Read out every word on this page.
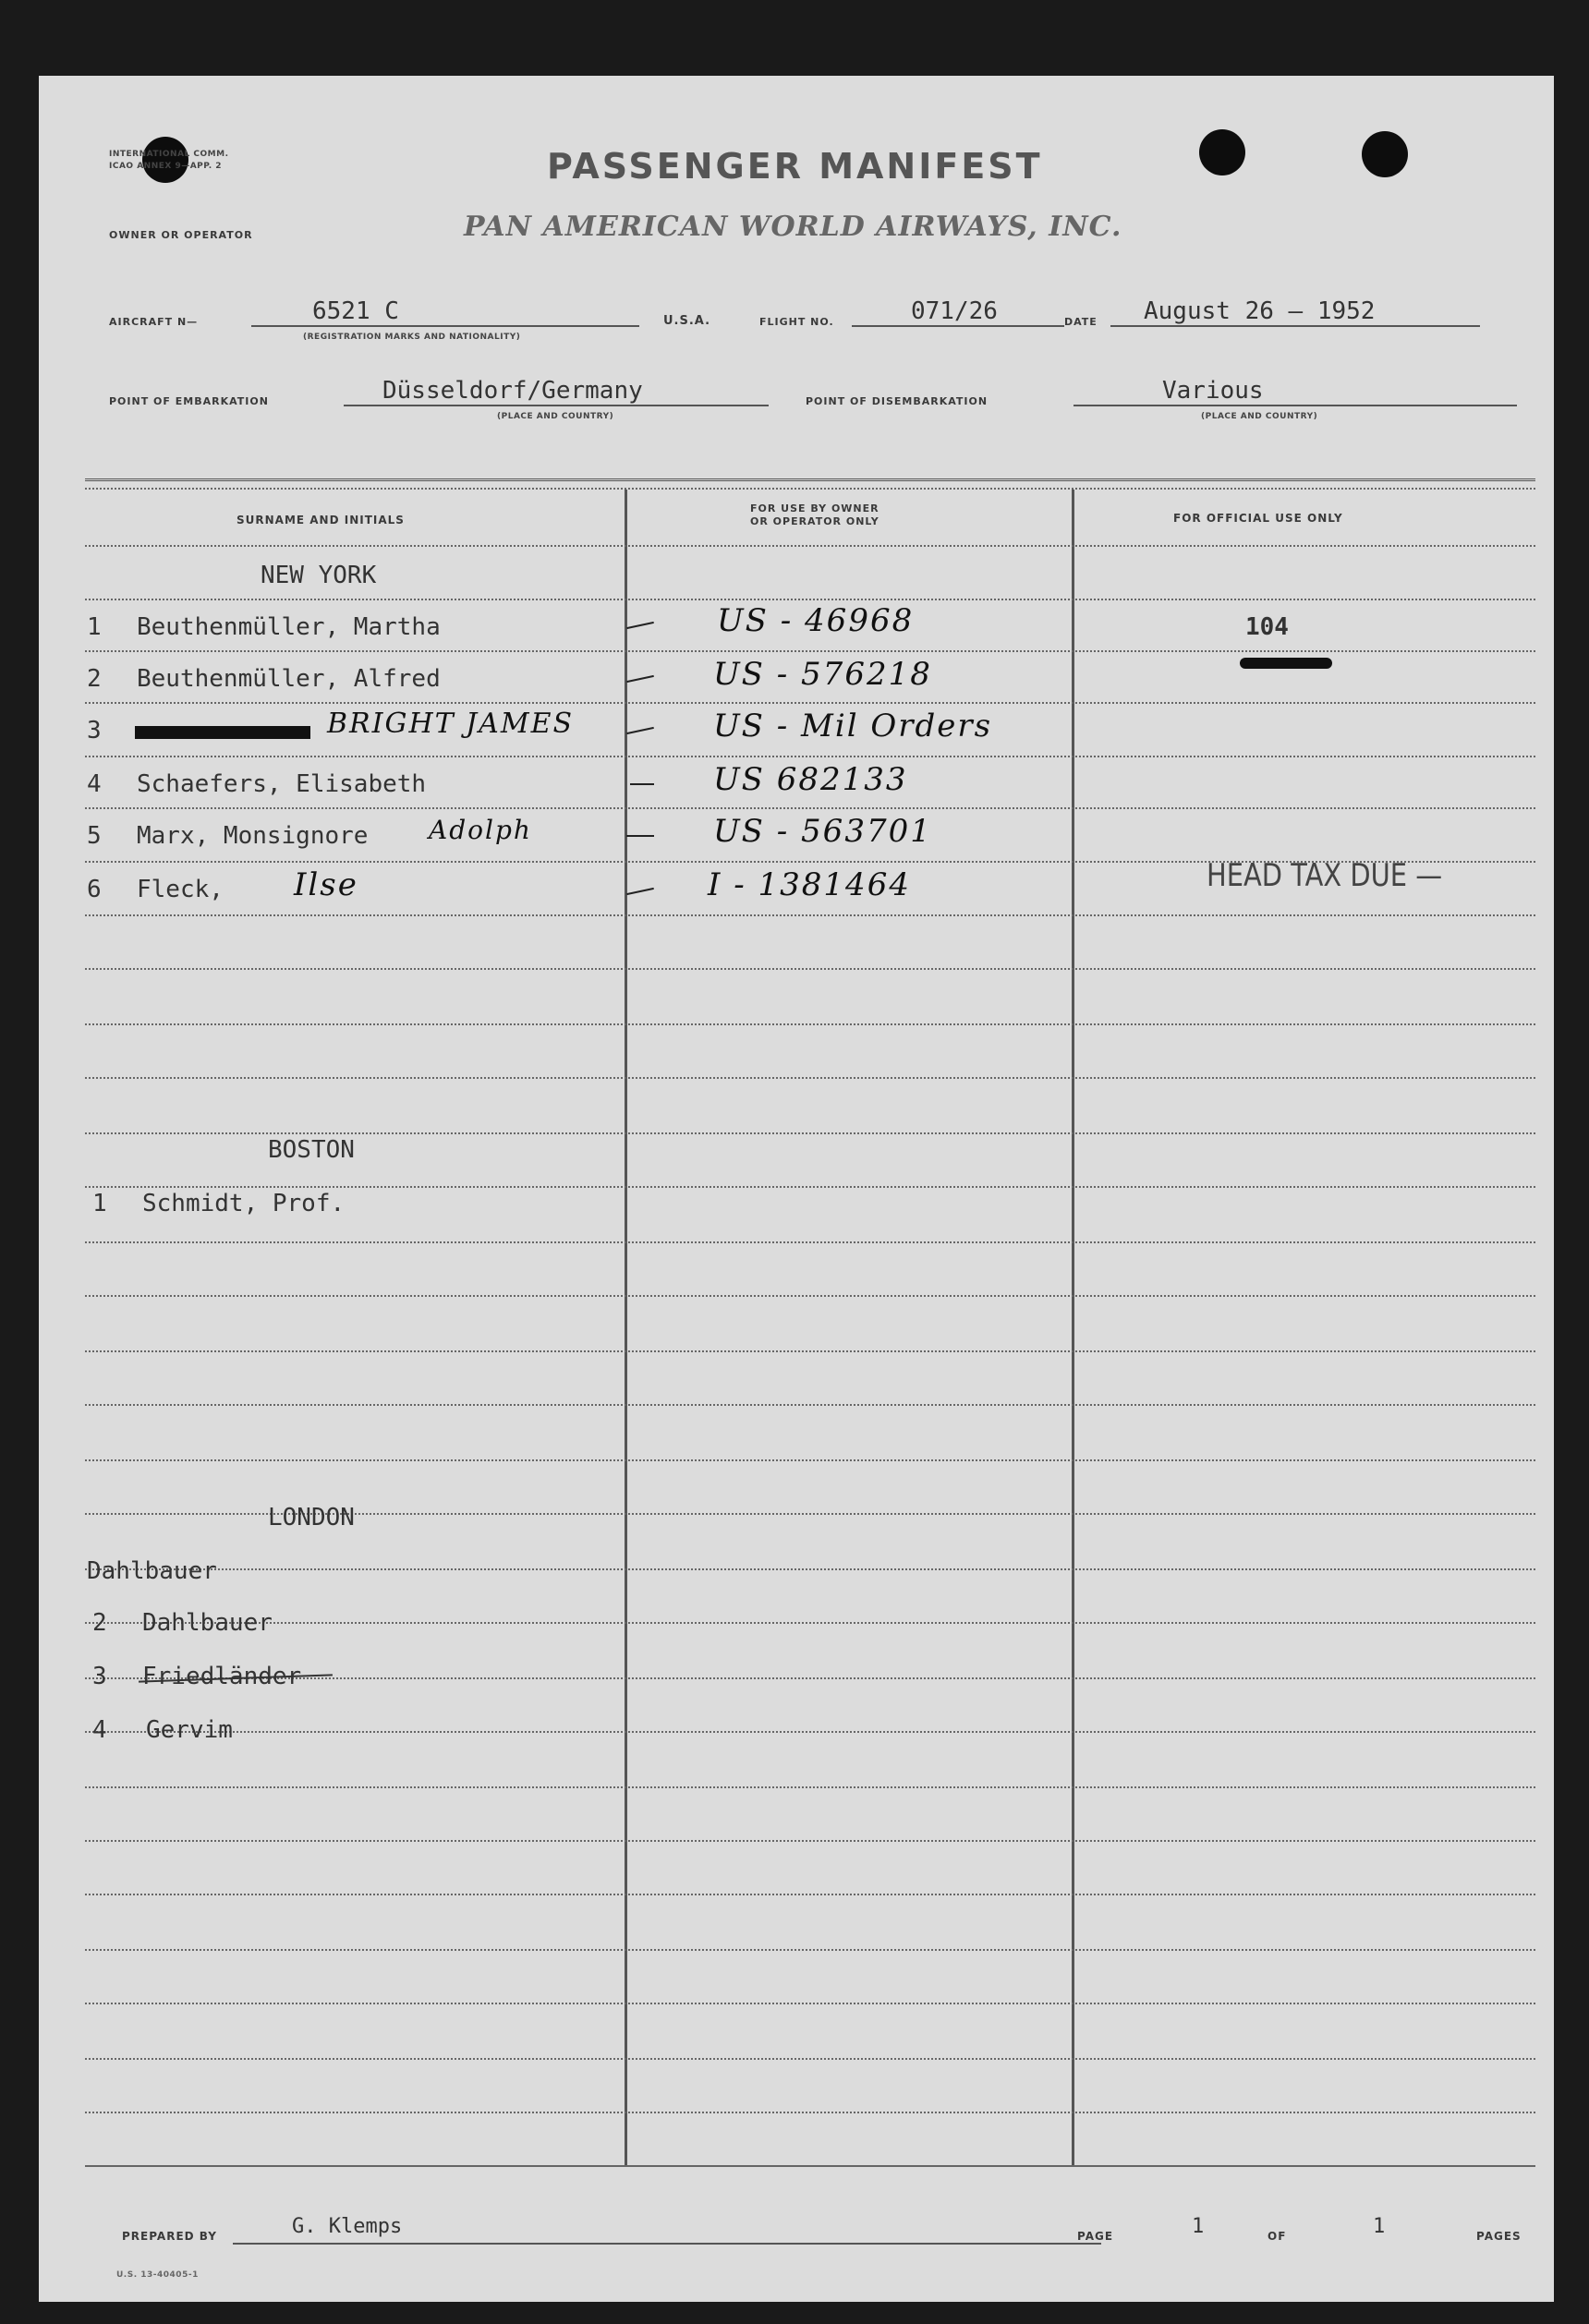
INTERNATIONAL COMM.
ICAO ANNEX 9—APP. 2	PASSENGER MANIFEST
OWNER OR OPERATOR	PAN AMERICAN WORLD AIRWAYS, INC.
AIRCRAFT N—	6521 C
(REGISTRATION MARKS AND NATIONALITY)
U.S.A.	FLIGHT NO.	071/26	DATE August 26 — 1952
POINT OF EMBARKATION	Düsseldorf/Germany
(PLACE AND COUNTRY)
POINT OF DISEMBARKATION	Various
(PLACE AND COUNTRY)
SURNAME AND INITIALS
FOR USE BY OWNER
OR OPERATOR ONLY	FOR OFFICIAL USE ONLY
NEW YORK
1 Beuthenmüller, Martha	US - 46968
2 Beuthenmüller, Alfred	US - 576218
3	BRIGHT JAMES	US - Mil Orders
4 Schaefers, Elisabeth	US 682133
5 Marx, Monsignore Adolph	US - 563701
6 Fleck, Ilse	I - 1381464
104
HEAD TAX DUE —
BOSTON
1 Schmidt, Prof.
LONDON
Dahlbauer
2 Dahlbauer
3 Friedländer
4 Gervim
PREPARED BY	G. Klemps	PAGE	1	OF	1	PAGES
U.S. 13-40405-1
